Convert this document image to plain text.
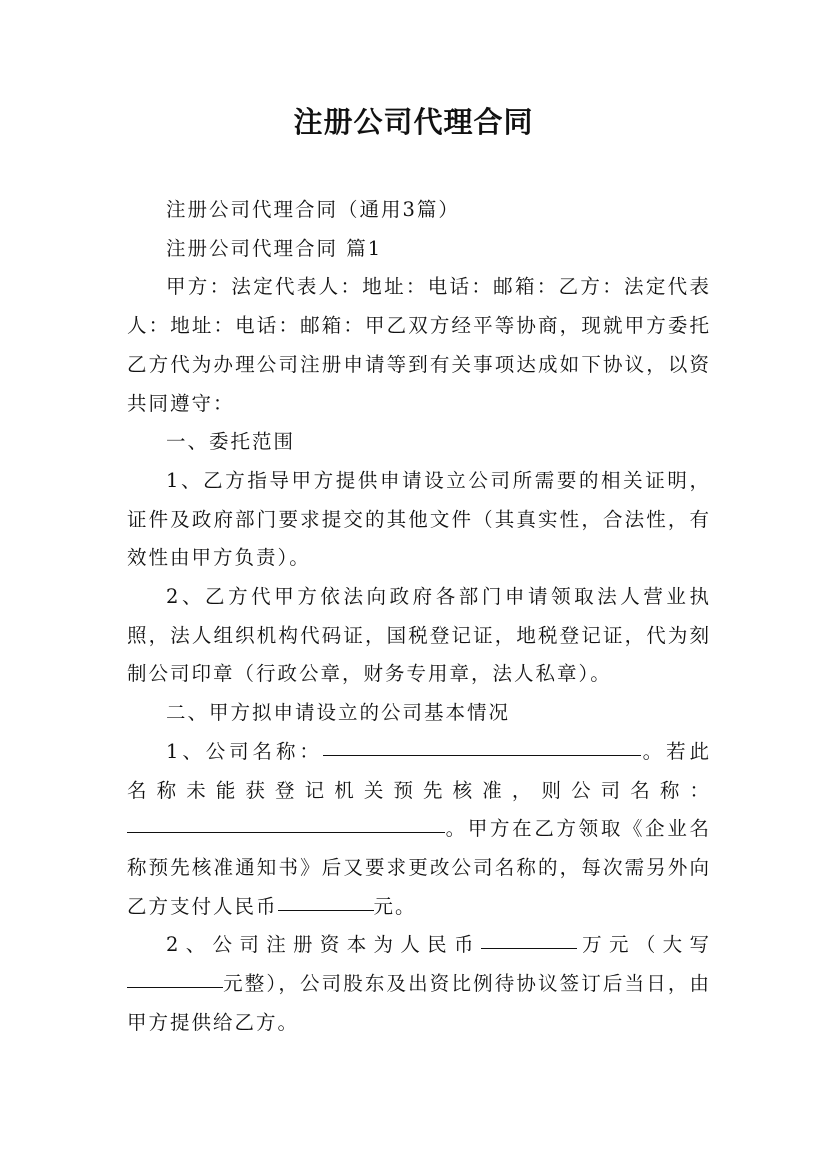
注册公司代理合同

注册公司代理合同（通用3篇）

注册公司代理合同 篇1

甲方：法定代表人：地址：电话：邮箱：乙方：法定代表人：地址：电话：邮箱：甲乙双方经平等协商，现就甲方委托乙方代为办理公司注册申请等到有关事项达成如下协议，以资共同遵守：

一、委托范围

1、乙方指导甲方提供申请设立公司所需要的相关证明，证件及政府部门要求提交的其他文件（其真实性，合法性，有效性由甲方负责）。

2、乙方代甲方依法向政府各部门申请领取法人营业执照，法人组织机构代码证，国税登记证，地税登记证，代为刻制公司印章（行政公章，财务专用章，法人私章）。

二、甲方拟申请设立的公司基本情况

1、公司名称：	。若此名称未能获登记机关预先核准，则公司名称：。甲方在乙方领取《企业名称预先核准通知书》后又要求更改公司名称的，每次需另外向乙方支付人民币	元。

2、公司注册资本为人民币	万元（大写元整），公司股东及出资比例待协议签订后当日，由甲方提供给乙方。
